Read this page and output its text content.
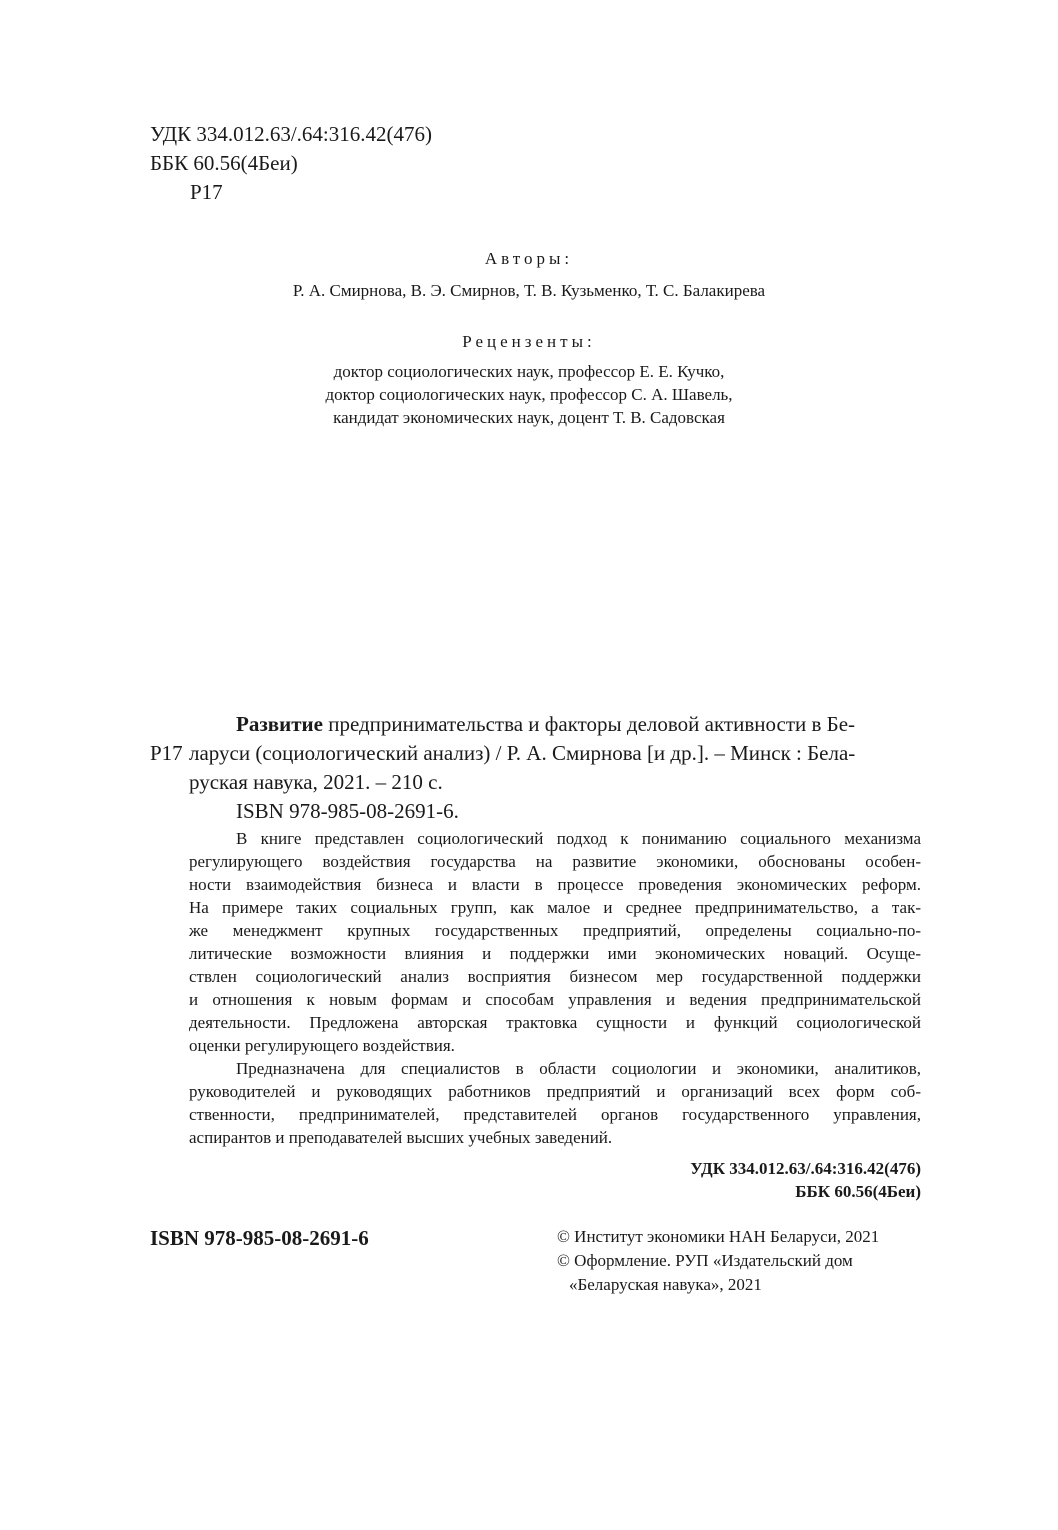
УДК 334.012.63/.64:316.42(476)
ББК 60.56(4Беи)
Р17
Авторы:
Р. А. Смирнова, В. Э. Смирнов, Т. В. Кузьменко, Т. С. Балакирева
Рецензенты:
доктор социологических наук, профессор Е. Е. Кучко,
доктор социологических наук, профессор С. А. Шавель,
кандидат экономических наук, доцент Т. В. Садовская
Развитие предпринимательства и факторы деловой активности в Бе-
Р17 ларуси (социологический анализ) / Р. А. Смирнова [и др.]. – Минск : Бела-
руская навука, 2021. – 210 с.
ISBN 978-985-08-2691-6.
В книге представлен социологический подход к пониманию социального механизма
регулирующего воздействия государства на развитие экономики, обоснованы особен-
ности взаимодействия бизнеса и власти в процессе проведения экономических реформ.
На примере таких социальных групп, как малое и среднее предпринимательство, а так-
же менеджмент крупных государственных предприятий, определены социально-по-
литические возможности влияния и поддержки ими экономических новаций. Осуще-
ствлен социологический анализ восприятия бизнесом мер государственной поддержки
и отношения к новым формам и способам управления и ведения предпринимательской
деятельности. Предложена авторская трактовка сущности и функций социологической
оценки регулирующего воздействия.
Предназначена для специалистов в области социологии и экономики, аналитиков,
руководителей и руководящих работников предприятий и организаций всех форм соб-
ственности, предпринимателей, представителей органов государственного управления,
аспирантов и преподавателей высших учебных заведений.
УДК 334.012.63/.64:316.42(476)
ББК 60.56(4Беи)
ISBN 978-985-08-2691-6	© Институт экономики НАН Беларуси, 2021
© Оформление. РУП «Издательский дом
«Беларуская навука», 2021
